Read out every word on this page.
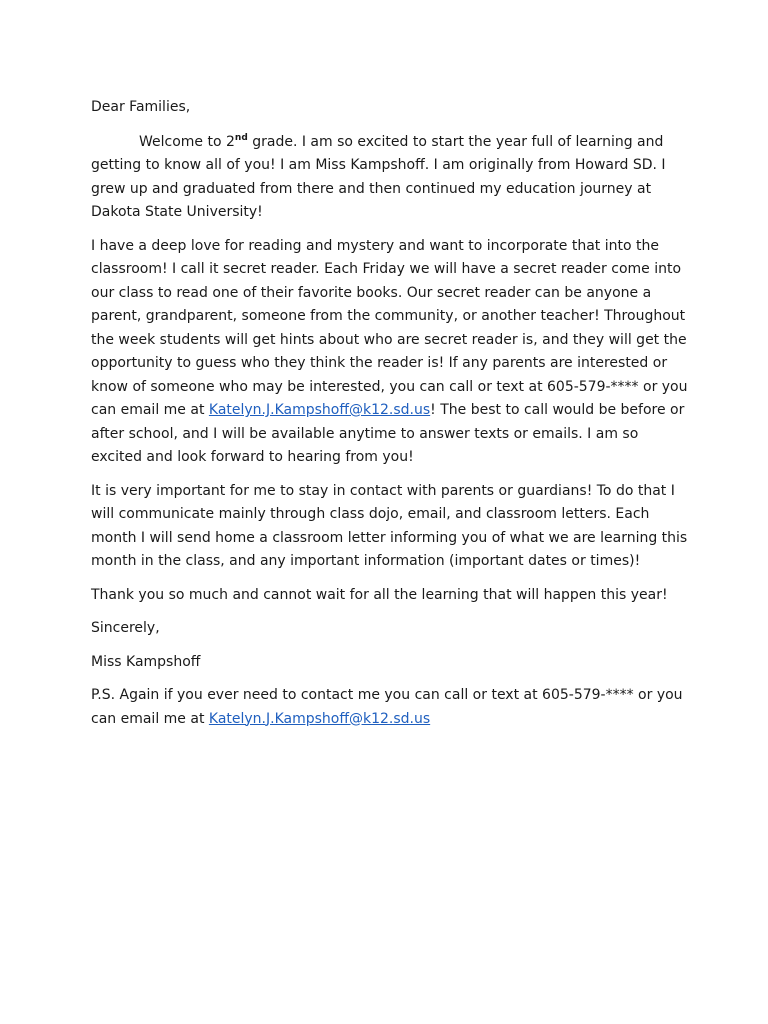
Dear Families,

Welcome to 2nd grade. I am so excited to start the year full of learning and getting to know all of you! I am Miss Kampshoff. I am originally from Howard SD. I grew up and graduated from there and then continued my education journey at Dakota State University!

I have a deep love for reading and mystery and want to incorporate that into the classroom! I call it secret reader. Each Friday we will have a secret reader come into our class to read one of their favorite books. Our secret reader can be anyone a parent, grandparent, someone from the community, or another teacher! Throughout the week students will get hints about who are secret reader is, and they will get the opportunity to guess who they think the reader is! If any parents are interested or know of someone who may be interested, you can call or text at 605-579-**** or you can email me at Katelyn.J.Kampshoff@k12.sd.us! The best to call would be before or after school, and I will be available anytime to answer texts or emails. I am so excited and look forward to hearing from you!

It is very important for me to stay in contact with parents or guardians! To do that I will communicate mainly through class dojo, email, and classroom letters. Each month I will send home a classroom letter informing you of what we are learning this month in the class, and any important information (important dates or times)!

Thank you so much and cannot wait for all the learning that will happen this year!

Sincerely,

Miss Kampshoff

P.S. Again if you ever need to contact me you can call or text at 605-579-**** or you can email me at Katelyn.J.Kampshoff@k12.sd.us
